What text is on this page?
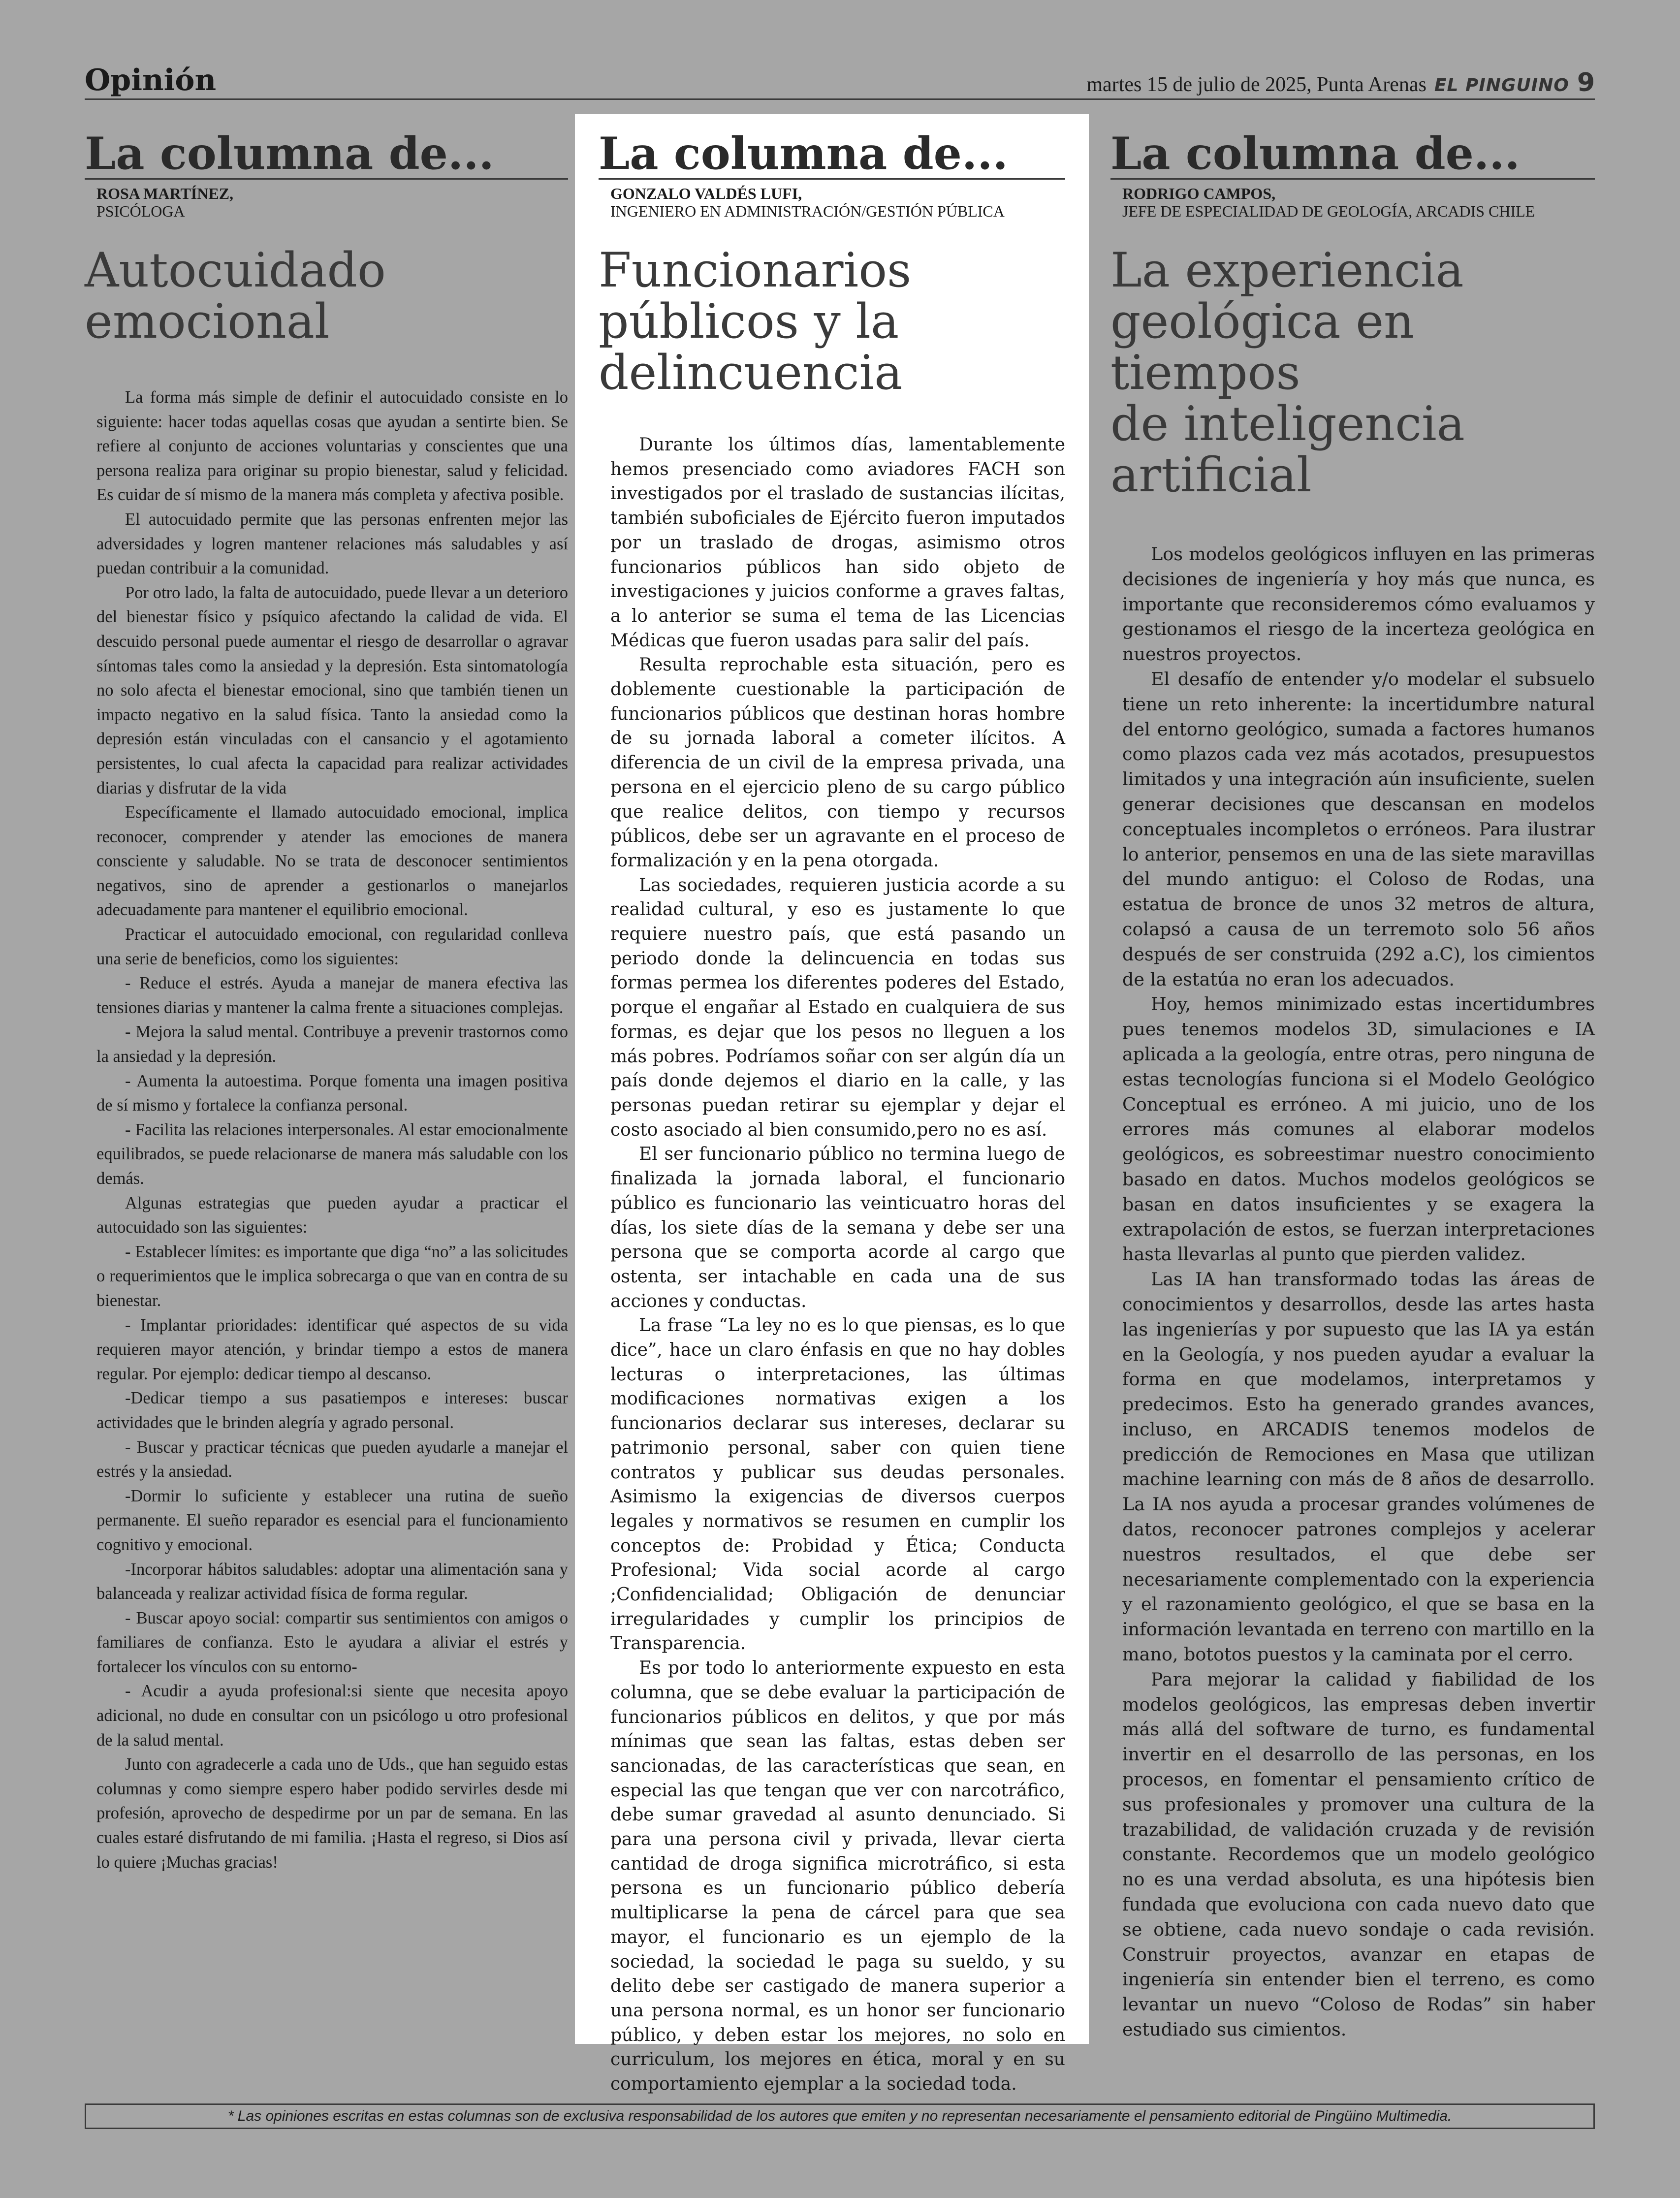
Opinión	martes 15 de julio de 2025, Punta Arenas EL PINGUINO 9
La columna de...
ROSA MARTÍNEZ,
PSICÓLOGA
Autocuidado
emocional

La forma más simple de definir el autocuidado consiste en lo siguiente: hacer todas aquellas cosas que ayudan a sentirte bien. Se refiere al conjunto de acciones voluntarias y conscientes que una persona realiza para originar su propio bienestar, salud y felicidad. Es cuidar de sí mismo de la manera más completa y afectiva posible.

El autocuidado permite que las personas enfrenten mejor las adversidades y logren mantener relaciones más saludables y así puedan contribuir a la comunidad.

Por otro lado, la falta de autocuidado, puede llevar a un deterioro del bienestar físico y psíquico afectando la calidad de vida. El descuido personal puede aumentar el riesgo de desarrollar o agravar síntomas tales como la ansiedad y la depresión. Esta sintomatología no solo afecta el bienestar emocional, sino que también tienen un impacto negativo en la salud física. Tanto la ansiedad como la depresión están vinculadas con el cansancio y el agotamiento persistentes, lo cual afecta la capacidad para realizar actividades diarias y disfrutar de la vida

Específicamente el llamado autocuidado emocional, implica reconocer, comprender y atender las emociones de manera consciente y saludable. No se trata de desconocer sentimientos negativos, sino de aprender a gestionarlos o manejarlos adecuadamente para mantener el equilibrio emocional.

Practicar el autocuidado emocional, con regularidad conlleva una serie de beneficios, como los siguientes:

- Reduce el estrés. Ayuda a manejar de manera efectiva las tensiones diarias y mantener la calma frente a situaciones complejas.

- Mejora la salud mental. Contribuye a prevenir trastornos como la ansiedad y la depresión.

- Aumenta la autoestima. Porque fomenta una imagen positiva de sí mismo y fortalece la confianza personal.

- Facilita las relaciones interpersonales. Al estar emocionalmente equilibrados, se puede relacionarse de manera más saludable con los demás.

Algunas estrategias que pueden ayudar a practicar el autocuidado son las siguientes:

- Establecer límites: es importante que diga “no” a las solicitudes o requerimientos que le implica sobrecarga o que van en contra de su bienestar.

- Implantar prioridades: identificar qué aspectos de su vida requieren mayor atención, y brindar tiempo a estos de manera regular. Por ejemplo: dedicar tiempo al descanso.

-Dedicar tiempo a sus pasatiempos e intereses: buscar actividades que le brinden alegría y agrado personal.

- Buscar y practicar técnicas que pueden ayudarle a manejar el estrés y la ansiedad.

-Dormir lo suficiente y establecer una rutina de sueño permanente. El sueño reparador es esencial para el funcionamiento cognitivo y emocional.

-Incorporar hábitos saludables: adoptar una alimentación sana y balanceada y realizar actividad física de forma regular.

- Buscar apoyo social: compartir sus sentimientos con amigos o familiares de confianza. Esto le ayudara a aliviar el estrés y fortalecer los vínculos con su entorno-

- Acudir a ayuda profesional:si siente que necesita apoyo adicional, no dude en consultar con un psicólogo u otro profesional de la salud mental.

Junto con agradecerle a cada uno de Uds., que han seguido estas columnas y como siempre espero haber podido servirles desde mi profesión, aprovecho de despedirme por un par de semana. En las cuales estaré disfrutando de mi familia. ¡Hasta el regreso, si Dios así lo quiere ¡Muchas gracias!

La columna de...
GONZALO VALDÉS LUFI,
INGENIERO EN ADMINISTRACIÓN/GESTIÓN PÚBLICA
Funcionarios
públicos y la
delincuencia

Durante los últimos días, lamentablemente hemos presenciado como aviadores FACH son investigados por el traslado de sustancias ilícitas, también suboficiales de Ejército fueron imputados por un traslado de drogas, asimismo otros funcionarios públicos han sido objeto de investigaciones y juicios conforme a graves faltas, a lo anterior se suma el tema de las Licencias Médicas que fueron usadas para salir del país.

Resulta reprochable esta situación, pero es doblemente cuestionable la participación de funcionarios públicos que destinan horas hombre de su jornada laboral a cometer ilícitos. A diferencia de un civil de la empresa privada, una persona en el ejercicio pleno de su cargo público que realice delitos, con tiempo y recursos públicos, debe ser un agravante en el proceso de formalización y en la pena otorgada.

Las sociedades, requieren justicia acorde a su realidad cultural, y eso es justamente lo que requiere nuestro país, que está pasando un periodo donde la delincuencia en todas sus formas permea los diferentes poderes del Estado, porque el engañar al Estado en cualquiera de sus formas, es dejar que los pesos no lleguen a los más pobres. Podríamos soñar con ser algún día un país donde dejemos el diario en la calle, y las personas puedan retirar su ejemplar y dejar el costo asociado al bien consumido,pero no es así.

El ser funcionario público no termina luego de finalizada la jornada laboral, el funcionario público es funcionario las veinticuatro horas del días, los siete días de la semana y debe ser una persona que se comporta acorde al cargo que ostenta, ser intachable en cada una de sus acciones y conductas.

La frase “La ley no es lo que piensas, es lo que dice”, hace un claro énfasis en que no hay dobles lecturas o interpretaciones, las últimas modificaciones normativas exigen a los funcionarios declarar sus intereses, declarar su patrimonio personal, saber con quien tiene contratos y publicar sus deudas personales. Asimismo la exigencias de diversos cuerpos legales y normativos se resumen en cumplir los conceptos de: Probidad y Ética; Conducta Profesional; Vida social acorde al cargo ;Confidencialidad; Obligación de denunciar irregularidades y cumplir los principios de Transparencia.

Es por todo lo anteriormente expuesto en esta columna, que se debe evaluar la participación de funcionarios públicos en delitos, y que por más mínimas que sean las faltas, estas deben ser sancionadas, de las características que sean, en especial las que tengan que ver con narcotráfico, debe sumar gravedad al asunto denunciado. Si para una persona civil y privada, llevar cierta cantidad de droga significa microtráfico, si esta persona es un funcionario público debería multiplicarse la pena de cárcel para que sea mayor, el funcionario es un ejemplo de la sociedad, la sociedad le paga su sueldo, y su delito debe ser castigado de manera superior a una persona normal, es un honor ser funcionario público, y deben estar los mejores, no solo en curriculum, los mejores en ética, moral y en su comportamiento ejemplar a la sociedad toda.

La columna de...
RODRIGO CAMPOS,
JEFE DE ESPECIALIDAD DE GEOLOGÍA, ARCADIS CHILE
La experiencia
geológica en tiempos
de inteligencia artificial

Los modelos geológicos influyen en las primeras decisiones de ingeniería y hoy más que nunca, es importante que reconsideremos cómo evaluamos y gestionamos el riesgo de la incerteza geológica en nuestros proyectos.

El desafío de entender y/o modelar el subsuelo tiene un reto inherente: la incertidumbre natural del entorno geológico, sumada a factores humanos como plazos cada vez más acotados, presupuestos limitados y una integración aún insuficiente, suelen generar decisiones que descansan en modelos conceptuales incompletos o erróneos. Para ilustrar lo anterior, pensemos en una de las siete maravillas del mundo antiguo: el Coloso de Rodas, una estatua de bronce de unos 32 metros de altura, colapsó a causa de un terremoto solo 56 años después de ser construida (292 a.C), los cimientos de la estatúa no eran los adecuados.

Hoy, hemos minimizado estas incertidumbres pues tenemos modelos 3D, simulaciones e IA aplicada a la geología, entre otras, pero ninguna de estas tecnologías funciona si el Modelo Geológico Conceptual es erróneo. A mi juicio, uno de los errores más comunes al elaborar modelos geológicos, es sobreestimar nuestro conocimiento basado en datos. Muchos modelos geológicos se basan en datos insuficientes y se exagera la extrapolación de estos, se fuerzan interpretaciones hasta llevarlas al punto que pierden validez.

Las IA han transformado todas las áreas de conocimientos y desarrollos, desde las artes hasta las ingenierías y por supuesto que las IA ya están en la Geología, y nos pueden ayudar a evaluar la forma en que modelamos, interpretamos y predecimos. Esto ha generado grandes avances, incluso, en ARCADIS tenemos modelos de predicción de Remociones en Masa que utilizan machine learning con más de 8 años de desarrollo. La IA nos ayuda a procesar grandes volúmenes de datos, reconocer patrones complejos y acelerar nuestros resultados, el que debe ser necesariamente complementado con la experiencia y el razonamiento geológico, el que se basa en la información levantada en terreno con martillo en la mano, bototos puestos y la caminata por el cerro.

Para mejorar la calidad y fiabilidad de los modelos geológicos, las empresas deben invertir más allá del software de turno, es fundamental invertir en el desarrollo de las personas, en los procesos, en fomentar el pensamiento crítico de sus profesionales y promover una cultura de la trazabilidad, de validación cruzada y de revisión constante. Recordemos que un modelo geológico no es una verdad absoluta, es una hipótesis bien fundada que evoluciona con cada nuevo dato que se obtiene, cada nuevo sondaje o cada revisión. Construir proyectos, avanzar en etapas de ingeniería sin entender bien el terreno, es como levantar un nuevo “Coloso de Rodas” sin haber estudiado sus cimientos.

* Las opiniones escritas en estas columnas son de exclusiva responsabilidad de los autores que emiten y no representan necesariamente el pensamiento editorial de Pingüino Multimedia.
